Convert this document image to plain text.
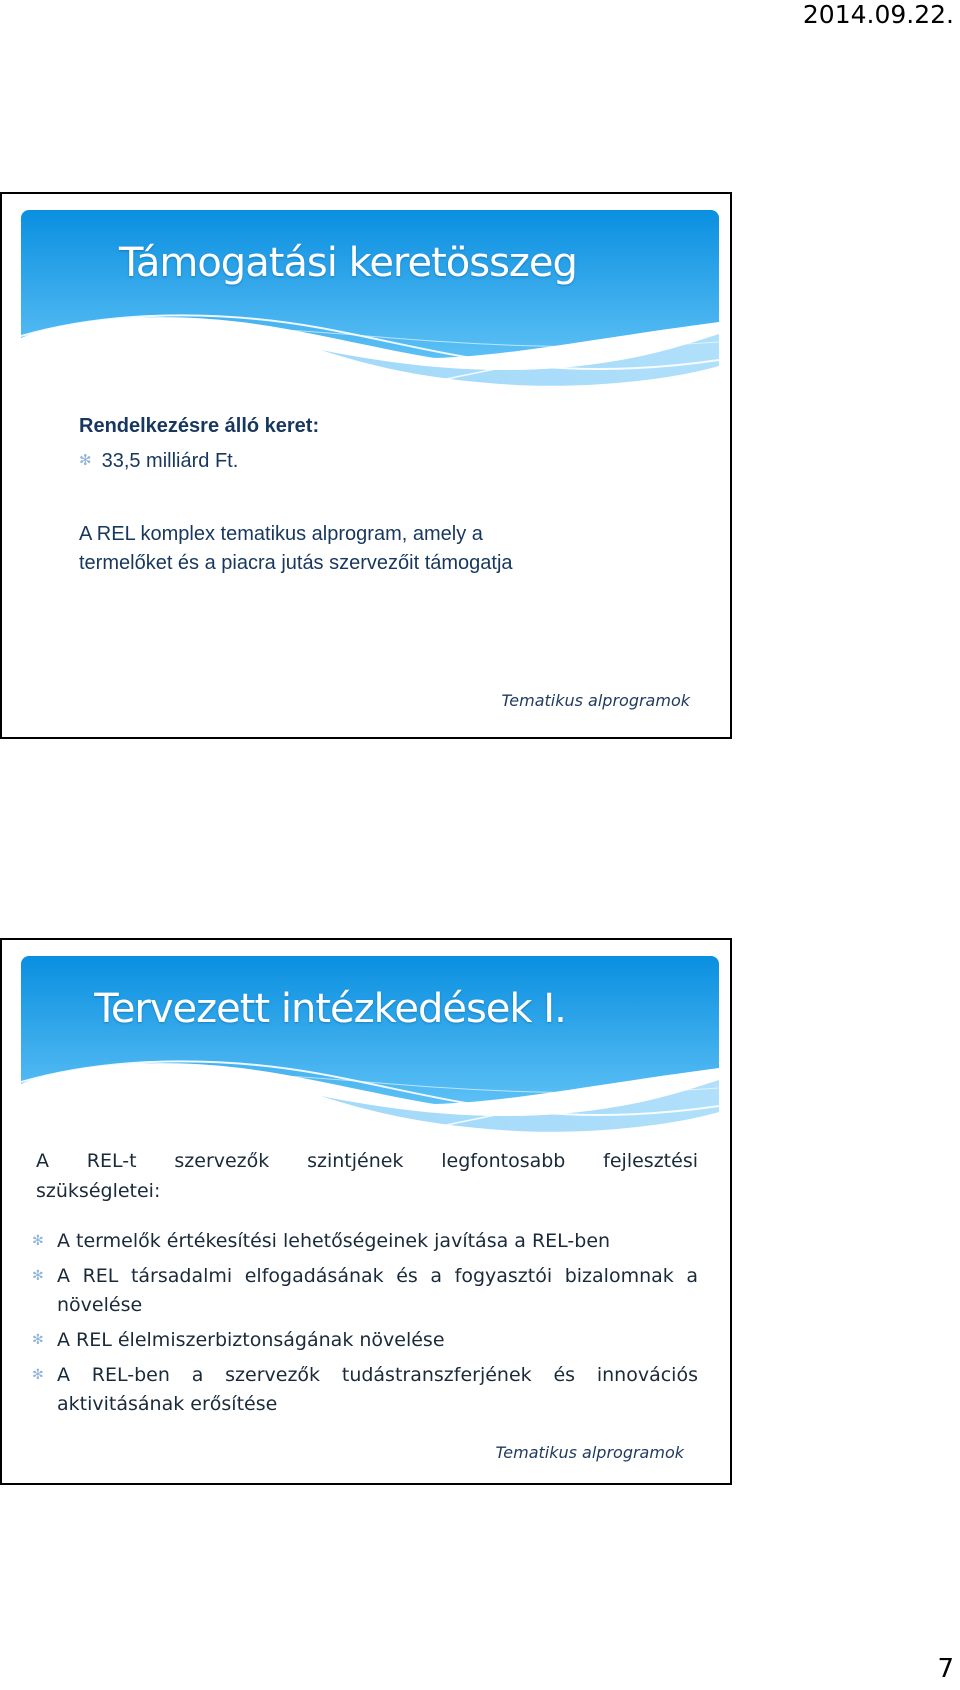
2014.09.22.
Támogatási keretösszeg
Rendelkezésre álló keret:
✻ 33,5 milliárd Ft.
A REL komplex tematikus alprogram, amely a
termelőket és a piacra jutás szervezőit támogatja
Tematikus alprogramok
Tervezett intézkedések I.
A REL-t szervezők szintjének legfontosabb fejlesztési
szükségletei:
✻ A termelők értékesítési lehetőségeinek javítása a REL-ben
✻ A REL társadalmi elfogadásának és a fogyasztói bizalomnak a
növelése
✻ A REL élelmiszerbiztonságának növelése
✻ A REL-ben a szervezők tudástranszferjének és innovációs
aktivitásának erősítése
Tematikus alprogramok
7
